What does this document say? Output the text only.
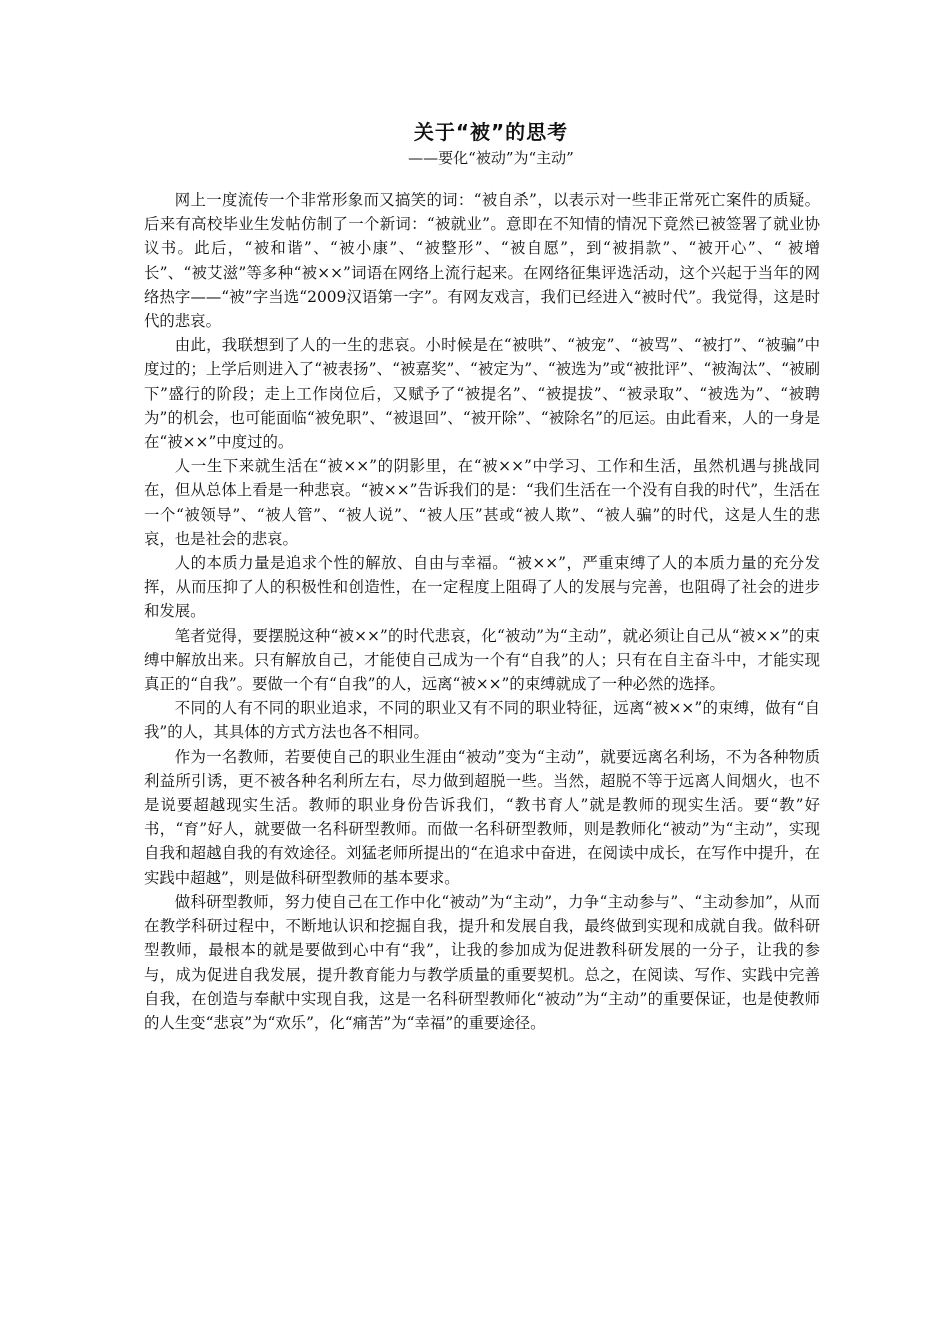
关于“被”的思考

——要化“被动”为“主动”

网上一度流传一个非常形象而又搞笑的词：“被自杀”，以表示对一些非正常死亡案件的质疑。后来有高校毕业生发帖仿制了一个新词：“被就业”。意即在不知情的情况下竟然已被签署了就业协议书。此后，“被和谐”、“被小康”、“被整形”、“被自愿”，到“被捐款”、“被开心”、“ 被增长”、“被艾滋”等多种“被××”词语在网络上流行起来。在网络征集评选活动，这个兴起于当年的网络热字——“被”字当选“2009汉语第一字”。有网友戏言，我们已经进入“被时代”。我觉得，这是时代的悲哀。

由此，我联想到了人的一生的悲哀。小时候是在“被哄”、“被宠”、“被骂”、“被打”、“被骗”中度过的；上学后则进入了“被表扬”、“被嘉奖”、“被定为”、“被选为”或“被批评”、“被淘汰”、“被刷下”盛行的阶段；走上工作岗位后，又赋予了“被提名”、“被提拔”、“被录取”、“被选为”、“被聘为”的机会，也可能面临“被免职”、“被退回”、“被开除”、“被除名”的厄运。由此看来，人的一身是在“被××”中度过的。

人一生下来就生活在“被××”的阴影里，在“被××”中学习、工作和生活，虽然机遇与挑战同在，但从总体上看是一种悲哀。“被××”告诉我们的是：“我们生活在一个没有自我的时代”，生活在一个“被领导”、“被人管”、“被人说”、“被人压”甚或“被人欺”、“被人骗”的时代，这是人生的悲哀，也是社会的悲哀。

人的本质力量是追求个性的解放、自由与幸福。“被××”，严重束缚了人的本质力量的充分发挥，从而压抑了人的积极性和创造性，在一定程度上阻碍了人的发展与完善，也阻碍了社会的进步和发展。

笔者觉得，要摆脱这种“被××”的时代悲哀，化“被动”为“主动”，就必须让自己从“被××”的束缚中解放出来。只有解放自己，才能使自己成为一个有“自我”的人；只有在自主奋斗中，才能实现真正的“自我”。要做一个有“自我”的人，远离“被××”的束缚就成了一种必然的选择。

不同的人有不同的职业追求，不同的职业又有不同的职业特征，远离“被××”的束缚，做有“自我”的人，其具体的方式方法也各不相同。

作为一名教师，若要使自己的职业生涯由“被动”变为“主动”，就要远离名利场，不为各种物质利益所引诱，更不被各种名利所左右，尽力做到超脱一些。当然，超脱不等于远离人间烟火，也不是说要超越现实生活。教师的职业身份告诉我们，“教书育人”就是教师的现实生活。要“教”好书，“育”好人，就要做一名科研型教师。而做一名科研型教师，则是教师化“被动”为“主动”，实现自我和超越自我的有效途径。刘猛老师所提出的“在追求中奋进，在阅读中成长，在写作中提升，在实践中超越”，则是做科研型教师的基本要求。

做科研型教师，努力使自己在工作中化“被动”为“主动”，力争“主动参与”、“主动参加”，从而在教学科研过程中，不断地认识和挖掘自我，提升和发展自我，最终做到实现和成就自我。做科研型教师，最根本的就是要做到心中有“我”，让我的参加成为促进教科研发展的一分子，让我的参与，成为促进自我发展，提升教育能力与教学质量的重要契机。总之，在阅读、写作、实践中完善自我，在创造与奉献中实现自我，这是一名科研型教师化“被动”为“主动”的重要保证，也是使教师的人生变“悲哀”为“欢乐”，化“痛苦”为“幸福”的重要途径。
